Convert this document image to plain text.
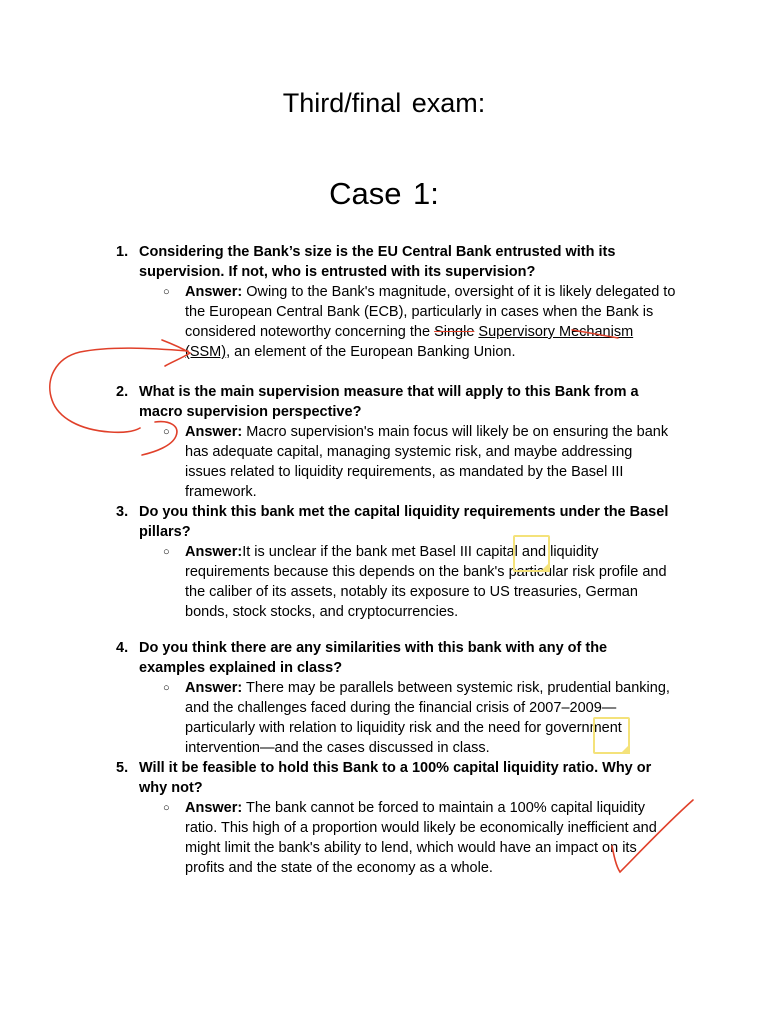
Third/final exam:
Case 1:
1. Considering the Bank’s size is the EU Central Bank entrusted with its supervision. If not, who is entrusted with its supervision?
○ Answer: Owing to the Bank's magnitude, oversight of it is likely delegated to the European Central Bank (ECB), particularly in cases when the Bank is considered noteworthy concerning the Single Supervisory Mechanism (SSM), an element of the European Banking Union.
2. What is the main supervision measure that will apply to this Bank from a macro supervision perspective?
○ Answer: Macro supervision's main focus will likely be on ensuring the bank has adequate capital, managing systemic risk, and maybe addressing issues related to liquidity requirements, as mandated by the Basel III framework.
3. Do you think this bank met the capital liquidity requirements under the Basel pillars?
○ Answer:It is unclear if the bank met Basel III capital and liquidity requirements because this depends on the bank's particular risk profile and the caliber of its assets, notably its exposure to US treasuries, German bonds, stock stocks, and cryptocurrencies.
4. Do you think there are any similarities with this bank with any of the examples explained in class?
○ Answer: There may be parallels between systemic risk, prudential banking, and the challenges faced during the financial crisis of 2007–2009—particularly with relation to liquidity risk and the need for government intervention—and the cases discussed in class.
5. Will it be feasible to hold this Bank to a 100% capital liquidity ratio. Why or why not?
○ Answer: The bank cannot be forced to maintain a 100% capital liquidity ratio. This high of a proportion would likely be economically inefficient and might limit the bank's ability to lend, which would have an impact on its profits and the state of the economy as a whole.
